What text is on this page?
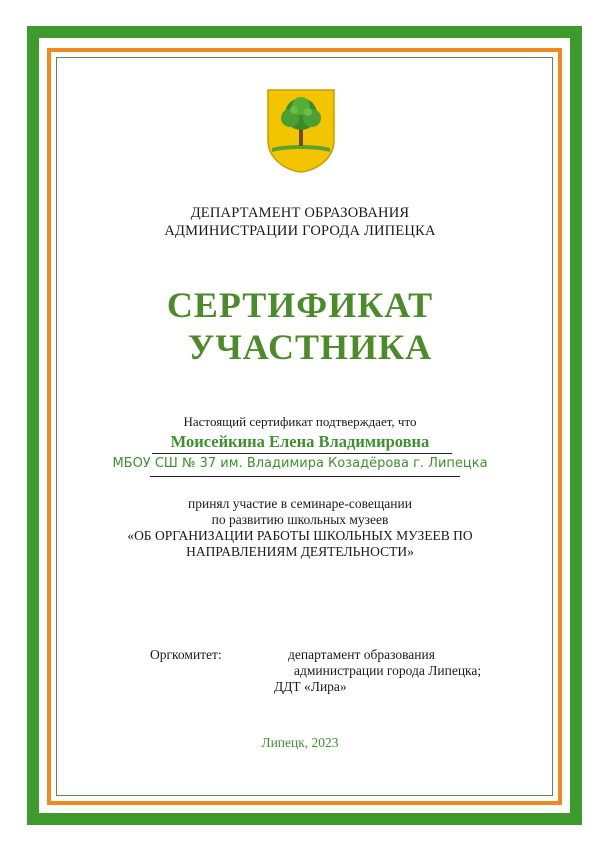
ДЕПАРТАМЕНТ ОБРАЗОВАНИЯ
АДМИНИСТРАЦИИ ГОРОДА ЛИПЕЦКА
СЕРТИФИКАТ
УЧАСТНИКА
Настоящий сертификат подтверждает, что
Моисейкина Елена Владимировна
МБОУ СШ № 37 им. Владимира Козадёрова г. Липецка
принял участие в семинаре-совещании
по развитию школьных музеев
«ОБ ОРГАНИЗАЦИИ РАБОТЫ ШКОЛЬНЫХ МУЗЕЕВ ПО
НАПРАВЛЕНИЯМ ДЕЯТЕЛЬНОСТИ»
Оргкомитет:	департамент образования
администрации города Липецка;
ДДТ «Лира»
Липецк, 2023
